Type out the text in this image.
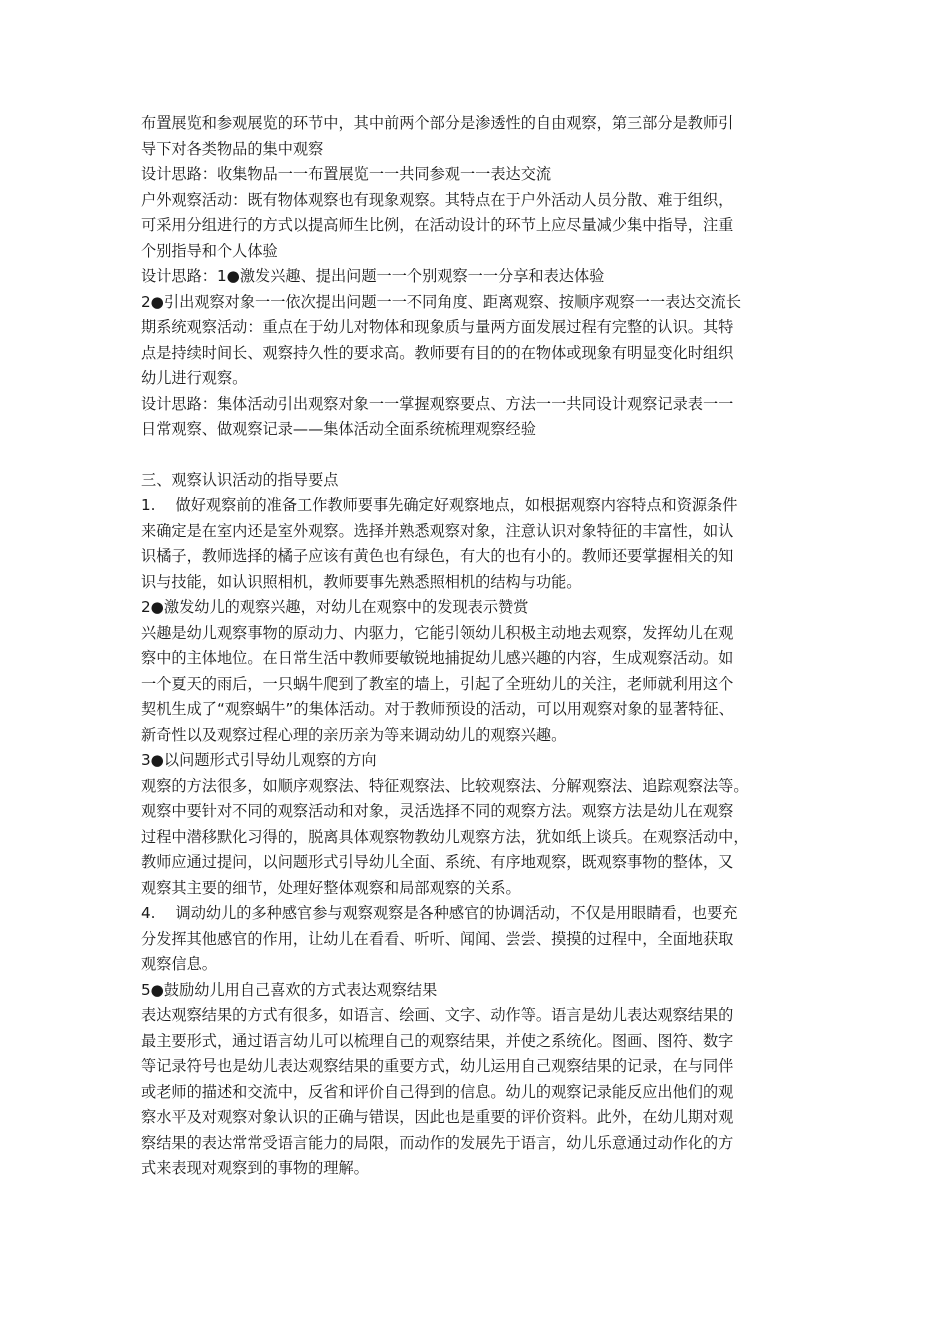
布置展览和参观展览的环节中，其中前两个部分是渗透性的自由观察，第三部分是教师引
导下对各类物品的集中观察
设计思路：收集物品一一布置展览一一共同参观一一表达交流
户外观察活动：既有物体观察也有现象观察。其特点在于户外活动人员分散、难于组织，
可采用分组进行的方式以提高师生比例，在活动设计的环节上应尽量减少集中指导，注重
个别指导和个人体验
设计思路：1●激发兴趣、提出问题一一个别观察一一分享和表达体验
2●引出观察对象一一依次提出问题一一不同角度、距离观察、按顺序观察一一表达交流长
期系统观察活动：重点在于幼儿对物体和现象质与量两方面发展过程有完整的认识。其特
点是持续时间长、观察持久性的要求高。教师要有目的的在物体或现象有明显变化时组织
幼儿进行观察。
设计思路：集体活动引出观察对象一一掌握观察要点、方法一一共同设计观察记录表一一
日常观察、做观察记录——集体活动全面系统梳理观察经验
三、观察认识活动的指导要点
1.　 做好观察前的准备工作教师要事先确定好观察地点，如根据观察内容特点和资源条件
来确定是在室内还是室外观察。选择并熟悉观察对象，注意认识对象特征的丰富性，如认
识橘子，教师选择的橘子应该有黄色也有绿色，有大的也有小的。教师还要掌握相关的知
识与技能，如认识照相机，教师要事先熟悉照相机的结构与功能。
2●激发幼儿的观察兴趣，对幼儿在观察中的发现表示赞赏
兴趣是幼儿观察事物的原动力、内驱力，它能引领幼儿积极主动地去观察，发挥幼儿在观
察中的主体地位。在日常生活中教师要敏锐地捕捉幼儿感兴趣的内容，生成观察活动。如
一个夏天的雨后，一只蜗牛爬到了教室的墙上，引起了全班幼儿的关注，老师就利用这个
契机生成了“观察蜗牛”的集体活动。对于教师预设的活动，可以用观察对象的显著特征、
新奇性以及观察过程心理的亲历亲为等来调动幼儿的观察兴趣。
3●以问题形式引导幼儿观察的方向
观察的方法很多，如顺序观察法、特征观察法、比较观察法、分解观察法、追踪观察法等。
观察中要针对不同的观察活动和对象，灵活选择不同的观察方法。观察方法是幼儿在观察
过程中潜移默化习得的，脱离具体观察物教幼儿观察方法，犹如纸上谈兵。在观察活动中，
教师应通过提问，以问题形式引导幼儿全面、系统、有序地观察，既观察事物的整体，又
观察其主要的细节，处理好整体观察和局部观察的关系。
4.　 调动幼儿的多种感官参与观察观察是各种感官的协调活动，不仅是用眼睛看，也要充
分发挥其他感官的作用，让幼儿在看看、听听、闻闻、尝尝、摸摸的过程中，全面地获取
观察信息。
5●鼓励幼儿用自己喜欢的方式表达观察结果
表达观察结果的方式有很多，如语言、绘画、文字、动作等。语言是幼儿表达观察结果的
最主要形式，通过语言幼儿可以梳理自己的观察结果，并使之系统化。图画、图符、数字
等记录符号也是幼儿表达观察结果的重要方式，幼儿运用自己观察结果的记录，在与同伴
或老师的描述和交流中，反省和评价自己得到的信息。幼儿的观察记录能反应出他们的观
察水平及对观察对象认识的正确与错误，因此也是重要的评价资料。此外，在幼儿期对观
察结果的表达常常受语言能力的局限，而动作的发展先于语言，幼儿乐意通过动作化的方
式来表现对观察到的事物的理解。
